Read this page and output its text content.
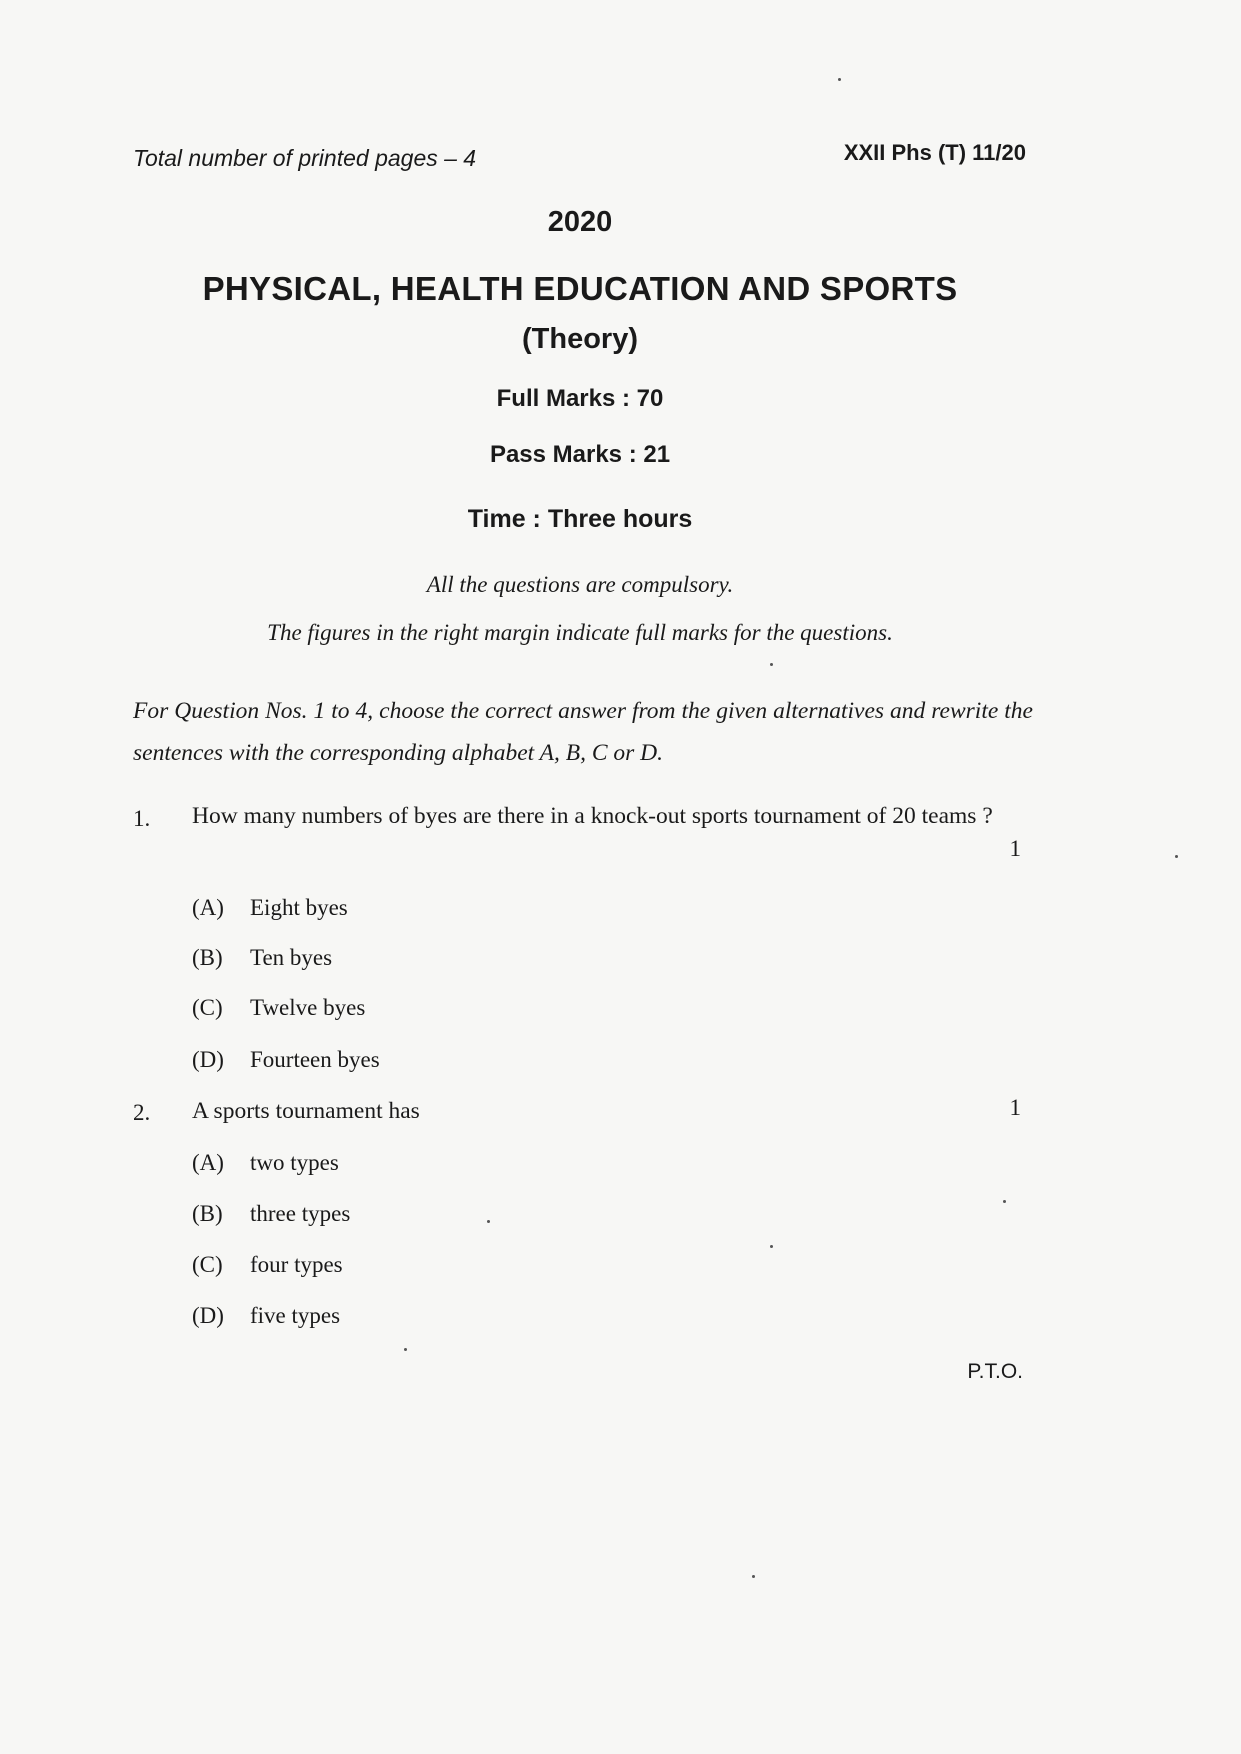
Total number of printed pages – 4	XXII Phs (T) 11/20
2020
PHYSICAL, HEALTH EDUCATION AND SPORTS
(Theory)
Full Marks : 70
Pass Marks : 21
Time : Three hours
All the questions are compulsory.
The figures in the right margin indicate full marks for the questions.
For Question Nos. 1 to 4, choose the correct answer from the given alternatives and rewrite the sentences with the corresponding alphabet A, B, C or D.
1. How many numbers of byes are there in a knock-out sports tournament of 20 teams ?
1
(A) Eight byes
(B) Ten byes
(C) Twelve byes
(D) Fourteen byes
2. A sports tournament has	1
(A) two types
(B) three types
(C) four types
(D) five types
P.T.O.
